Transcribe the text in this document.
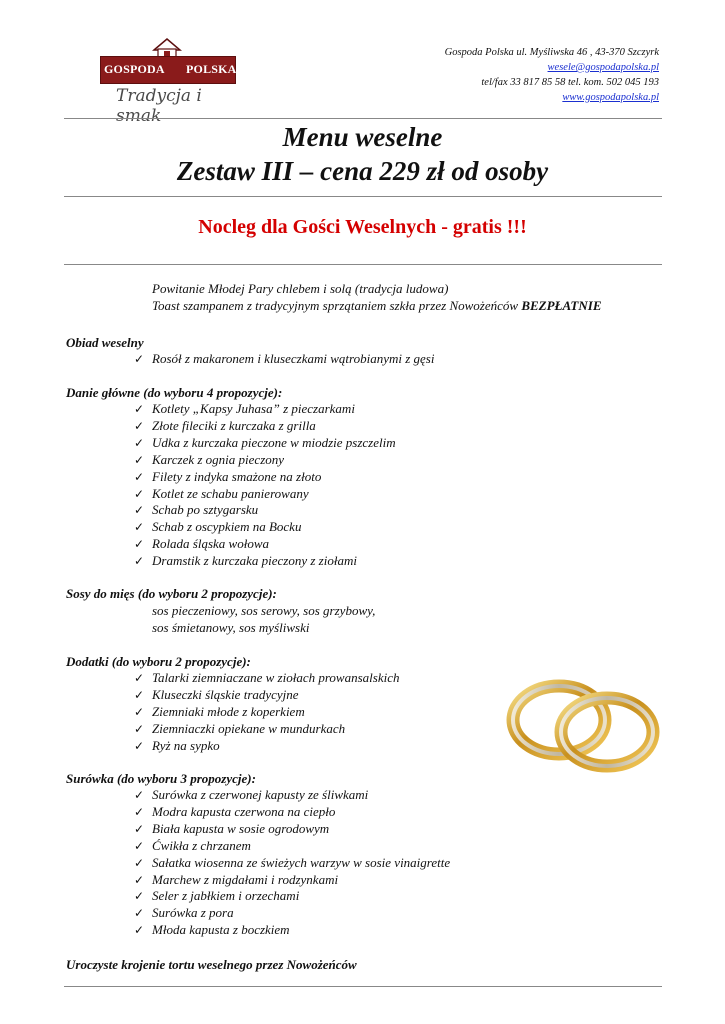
GOSPODA POLSKA
Tradycja i smak
Gospoda Polska ul. Myśliwska 46 , 43-370 Szczyrk
wesele@gospodapolska.pl
tel/fax 33 817 85 58 tel. kom. 502 045 193
www.gospodapolska.pl
Menu weselne
Zestaw III – cena 229 zł od osoby
Nocleg dla Gości Weselnych - gratis !!!
Powitanie Młodej Pary chlebem i solą (tradycja ludowa)
Toast szampanem z tradycyjnym sprzątaniem szkła przez Nowożeńców BEZPŁATNIE
Obiad weselny
✓ Rosół z makaronem i kluseczkami wątrobianymi z gęsi
Danie główne (do wyboru 4 propozycje):
✓ Kotlety „Kapsy Juhasa” z pieczarkami
✓ Złote fileciki z kurczaka z grilla
✓ Udka z kurczaka pieczone w miodzie pszczelim
✓ Karczek z ognia pieczony
✓ Filety z indyka smażone na złoto
✓ Kotlet ze schabu panierowany
✓ Schab po sztygarsku
✓ Schab z oscypkiem na Bocku
✓ Rolada śląska wołowa
✓ Dramstik z kurczaka pieczony z ziołami
Sosy do mięs (do wyboru 2 propozycje):
sos pieczeniowy, sos serowy, sos grzybowy,
sos śmietanowy, sos myśliwski
Dodatki (do wyboru 2 propozycje):
✓ Talarki ziemniaczane w ziołach prowansalskich
✓ Kluseczki śląskie tradycyjne
✓ Ziemniaki młode z koperkiem
✓ Ziemniaczki opiekane w mundurkach
✓ Ryż na sypko
Surówka (do wyboru 3 propozycje):
✓ Surówka z czerwonej kapusty ze śliwkami
✓ Modra kapusta czerwona na ciepło
✓ Biała kapusta w sosie ogrodowym
✓ Ćwikła z chrzanem
✓ Sałatka wiosenna ze świeżych warzyw w sosie vinaigrette
✓ Marchew z migdałami i rodzynkami
✓ Seler z jabłkiem i orzechami
✓ Surówka z pora
✓ Młoda kapusta z boczkiem
Uroczyste krojenie tortu weselnego przez Nowożeńców
